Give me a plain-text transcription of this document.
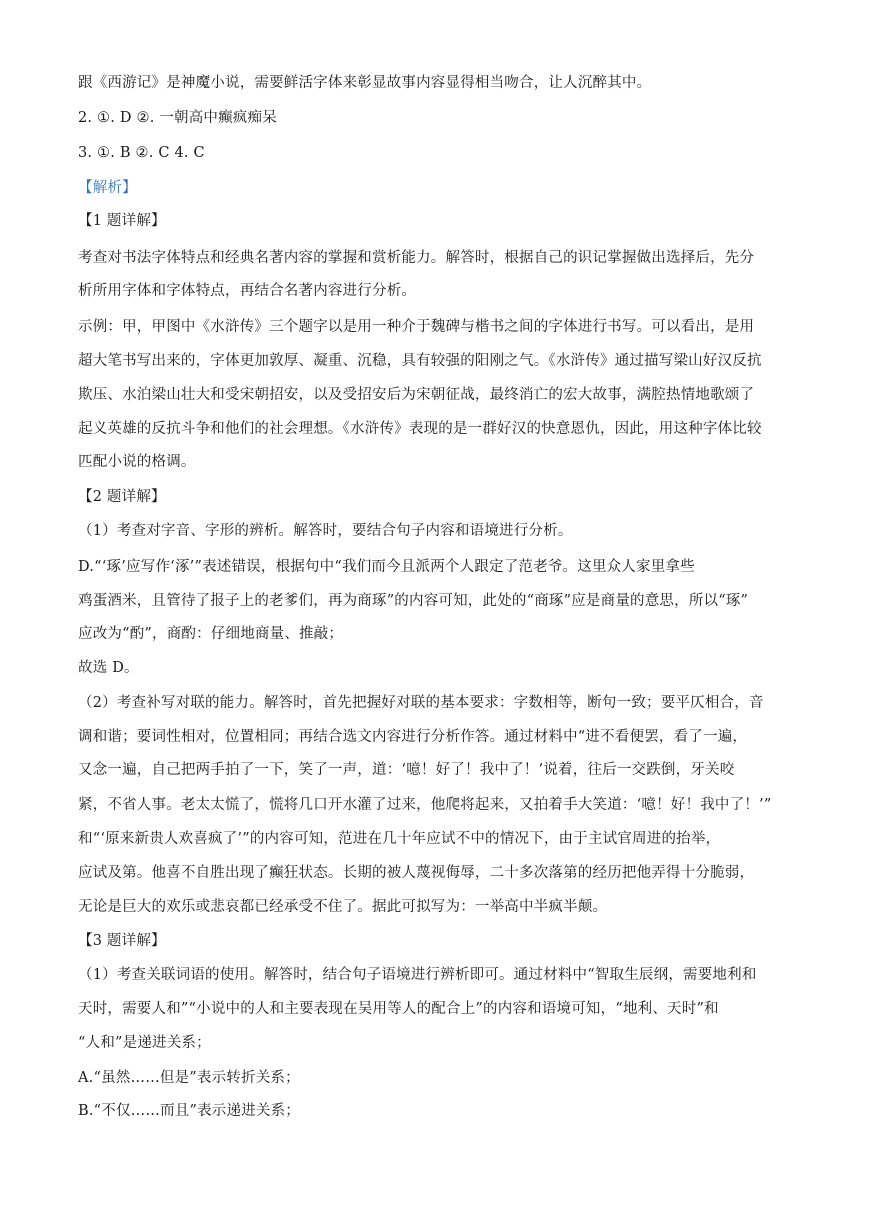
跟《西游记》是神魔小说，需要鲜活字体来彰显故事内容显得相当吻合，让人沉醉其中。
2. ①. D ②. 一朝高中癫疯痴呆
3. ①. B ②. C 4. C
【解析】
【1 题详解】
考查对书法字体特点和经典名著内容的掌握和赏析能力。解答时，根据自己的识记掌握做出选择后，先分
析所用字体和字体特点，再结合名著内容进行分析。
示例：甲，甲图中《水浒传》三个题字以是用一种介于魏碑与楷书之间的字体进行书写。可以看出，是用
超大笔书写出来的，字体更加敦厚、凝重、沉稳，具有较强的阳刚之气。《水浒传》通过描写梁山好汉反抗
欺压、水泊梁山壮大和受宋朝招安，以及受招安后为宋朝征战，最终消亡的宏大故事，满腔热情地歌颂了
起义英雄的反抗斗争和他们的社会理想。《水浒传》表现的是一群好汉的快意恩仇，因此，用这种字体比较
匹配小说的格调。
【2 题详解】
（1）考查对字音、字形的辨析。解答时，要结合句子内容和语境进行分析。
D.“‘琢’应写作‘涿’”表述错误，根据句中“我们而今且派两个人跟定了范老爷。这里众人家里拿些
鸡蛋酒米，且管待了报子上的老爹们，再为商琢”的内容可知，此处的“商琢”应是商量的意思，所以“琢”
应改为“酌”，商酌：仔细地商量、推敲；
故选 D。
（2）考查补写对联的能力。解答时，首先把握好对联的基本要求：字数相等，断句一致；要平仄相合，音
调和谐；要词性相对，位置相同；再结合选文内容进行分析作答。通过材料中“进不看便罢，看了一遍，
又念一遍，自己把两手拍了一下，笑了一声，道：‘噫！好了！我中了！’说着，往后一交跌倒，牙关咬
紧，不省人事。老太太慌了，慌将几口开水灌了过来，他爬将起来，又拍着手大笑道：‘噫！好！我中了！’”
和“‘原来新贵人欢喜疯了’”的内容可知，范进在几十年应试不中的情况下，由于主试官周进的抬举，
应试及第。他喜不自胜出现了癫狂状态。长期的被人蔑视侮辱，二十多次落第的经历把他弄得十分脆弱，
无论是巨大的欢乐或悲哀都已经承受不住了。据此可拟写为：一举高中半疯半颠。
【3 题详解】
（1）考查关联词语的使用。解答时，结合句子语境进行辨析即可。通过材料中“智取生辰纲，需要地利和
天时，需要人和”“小说中的人和主要表现在吴用等人的配合上”的内容和语境可知，“地利、天时”和
“人和”是递进关系；
A.“虽然……但是”表示转折关系；
B.“不仅……而且”表示递进关系；
